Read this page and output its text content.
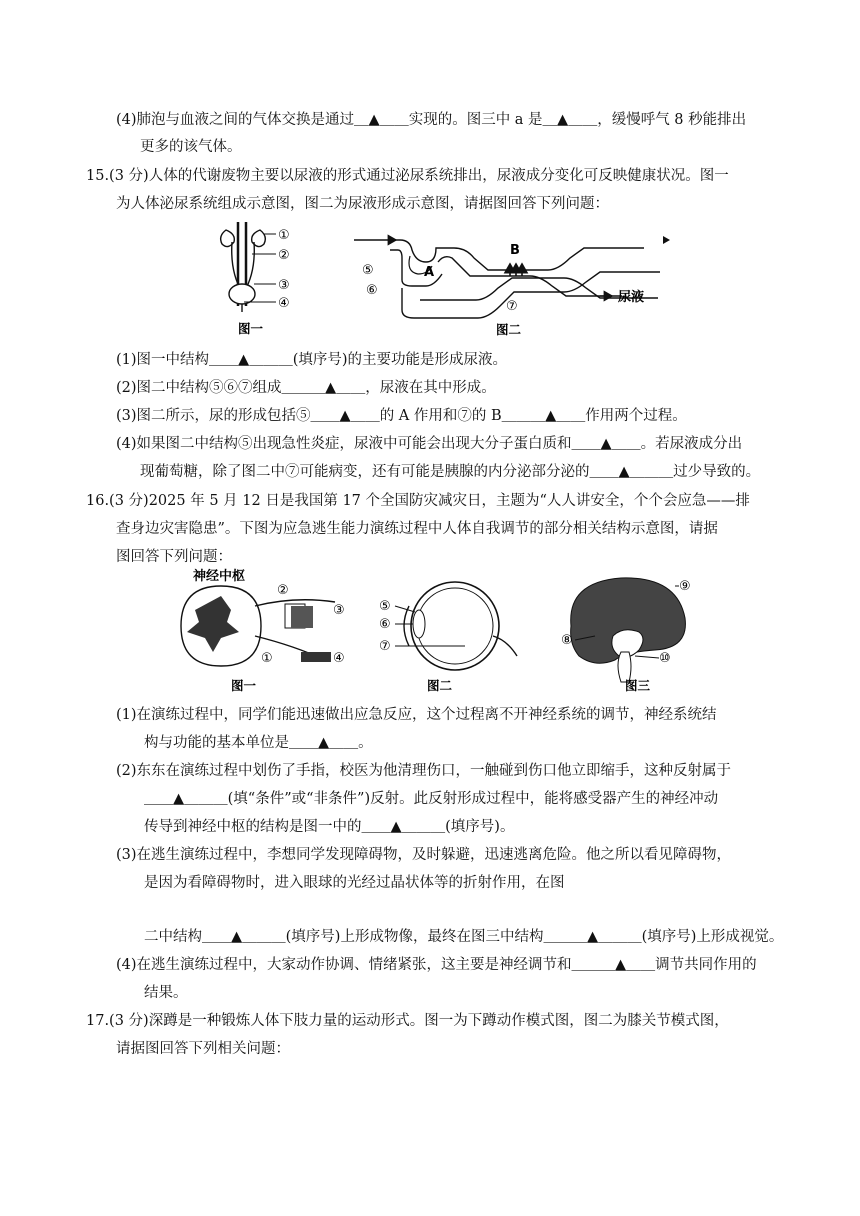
(4)肺泡与血液之间的气体交换是通过＿▲＿＿实现的。图三中 a 是＿▲＿＿，缓慢呼气 8 秒能排出
更多的该气体。
15.(3 分)人体的代谢废物主要以尿液的形式通过泌尿系统排出，尿液成分变化可反映健康状况。图一
为人体泌尿系统组成示意图，图二为尿液形成示意图，请据图回答下列问题：
①
②
③
④
图一
A
B
⑤
⑥
⑦
尿液
图二
(1)图一中结构＿＿▲＿＿＿(填序号)的主要功能是形成尿液。
(2)图二中结构⑤⑥⑦组成＿＿＿▲＿＿，尿液在其中形成。
(3)图二所示，尿的形成包括⑤＿＿▲＿＿的 A 作用和⑦的 B＿＿＿▲＿＿作用两个过程。
(4)如果图二中结构⑤出现急性炎症，尿液中可能会出现大分子蛋白质和＿＿▲＿＿。若尿液成分出
现葡萄糖，除了图二中⑦可能病变，还有可能是胰腺的内分泌部分泌的＿＿▲＿＿＿过少导致的。
16.(3 分)2025 年 5 月 12 日是我国第 17 个全国防灾减灾日，主题为“人人讲安全，个个会应急——排
查身边灾害隐患”。下图为应急逃生能力演练过程中人体自我调节的部分相关结构示意图，请据
图回答下列问题：
神经中枢
①
②
③
④
图一
⑤
⑥
⑦
图二
⑨
⑧
⑩
图三
(1)在演练过程中，同学们能迅速做出应急反应，这个过程离不开神经系统的调节，神经系统结
构与功能的基本单位是＿＿▲＿＿。
(2)东东在演练过程中划伤了手指，校医为他清理伤口，一触碰到伤口他立即缩手，这种反射属于
＿＿▲＿＿＿(填“条件”或“非条件”)反射。此反射形成过程中，能将感受器产生的神经冲动
传导到神经中枢的结构是图一中的＿＿▲＿＿＿(填序号)。
(3)在逃生演练过程中，李想同学发现障碍物，及时躲避，迅速逃离危险。他之所以看见障碍物，
是因为看障碍物时，进入眼球的光经过晶状体等的折射作用，在图
二中结构＿＿▲＿＿＿(填序号)上形成物像，最终在图三中结构＿＿＿▲＿＿＿(填序号)上形成视觉。
(4)在逃生演练过程中，大家动作协调、情绪紧张，这主要是神经调节和＿＿＿▲＿＿调节共同作用的
结果。
17.(3 分)深蹲是一种锻炼人体下肢力量的运动形式。图一为下蹲动作模式图，图二为膝关节模式图，
请据图回答下列相关问题：
